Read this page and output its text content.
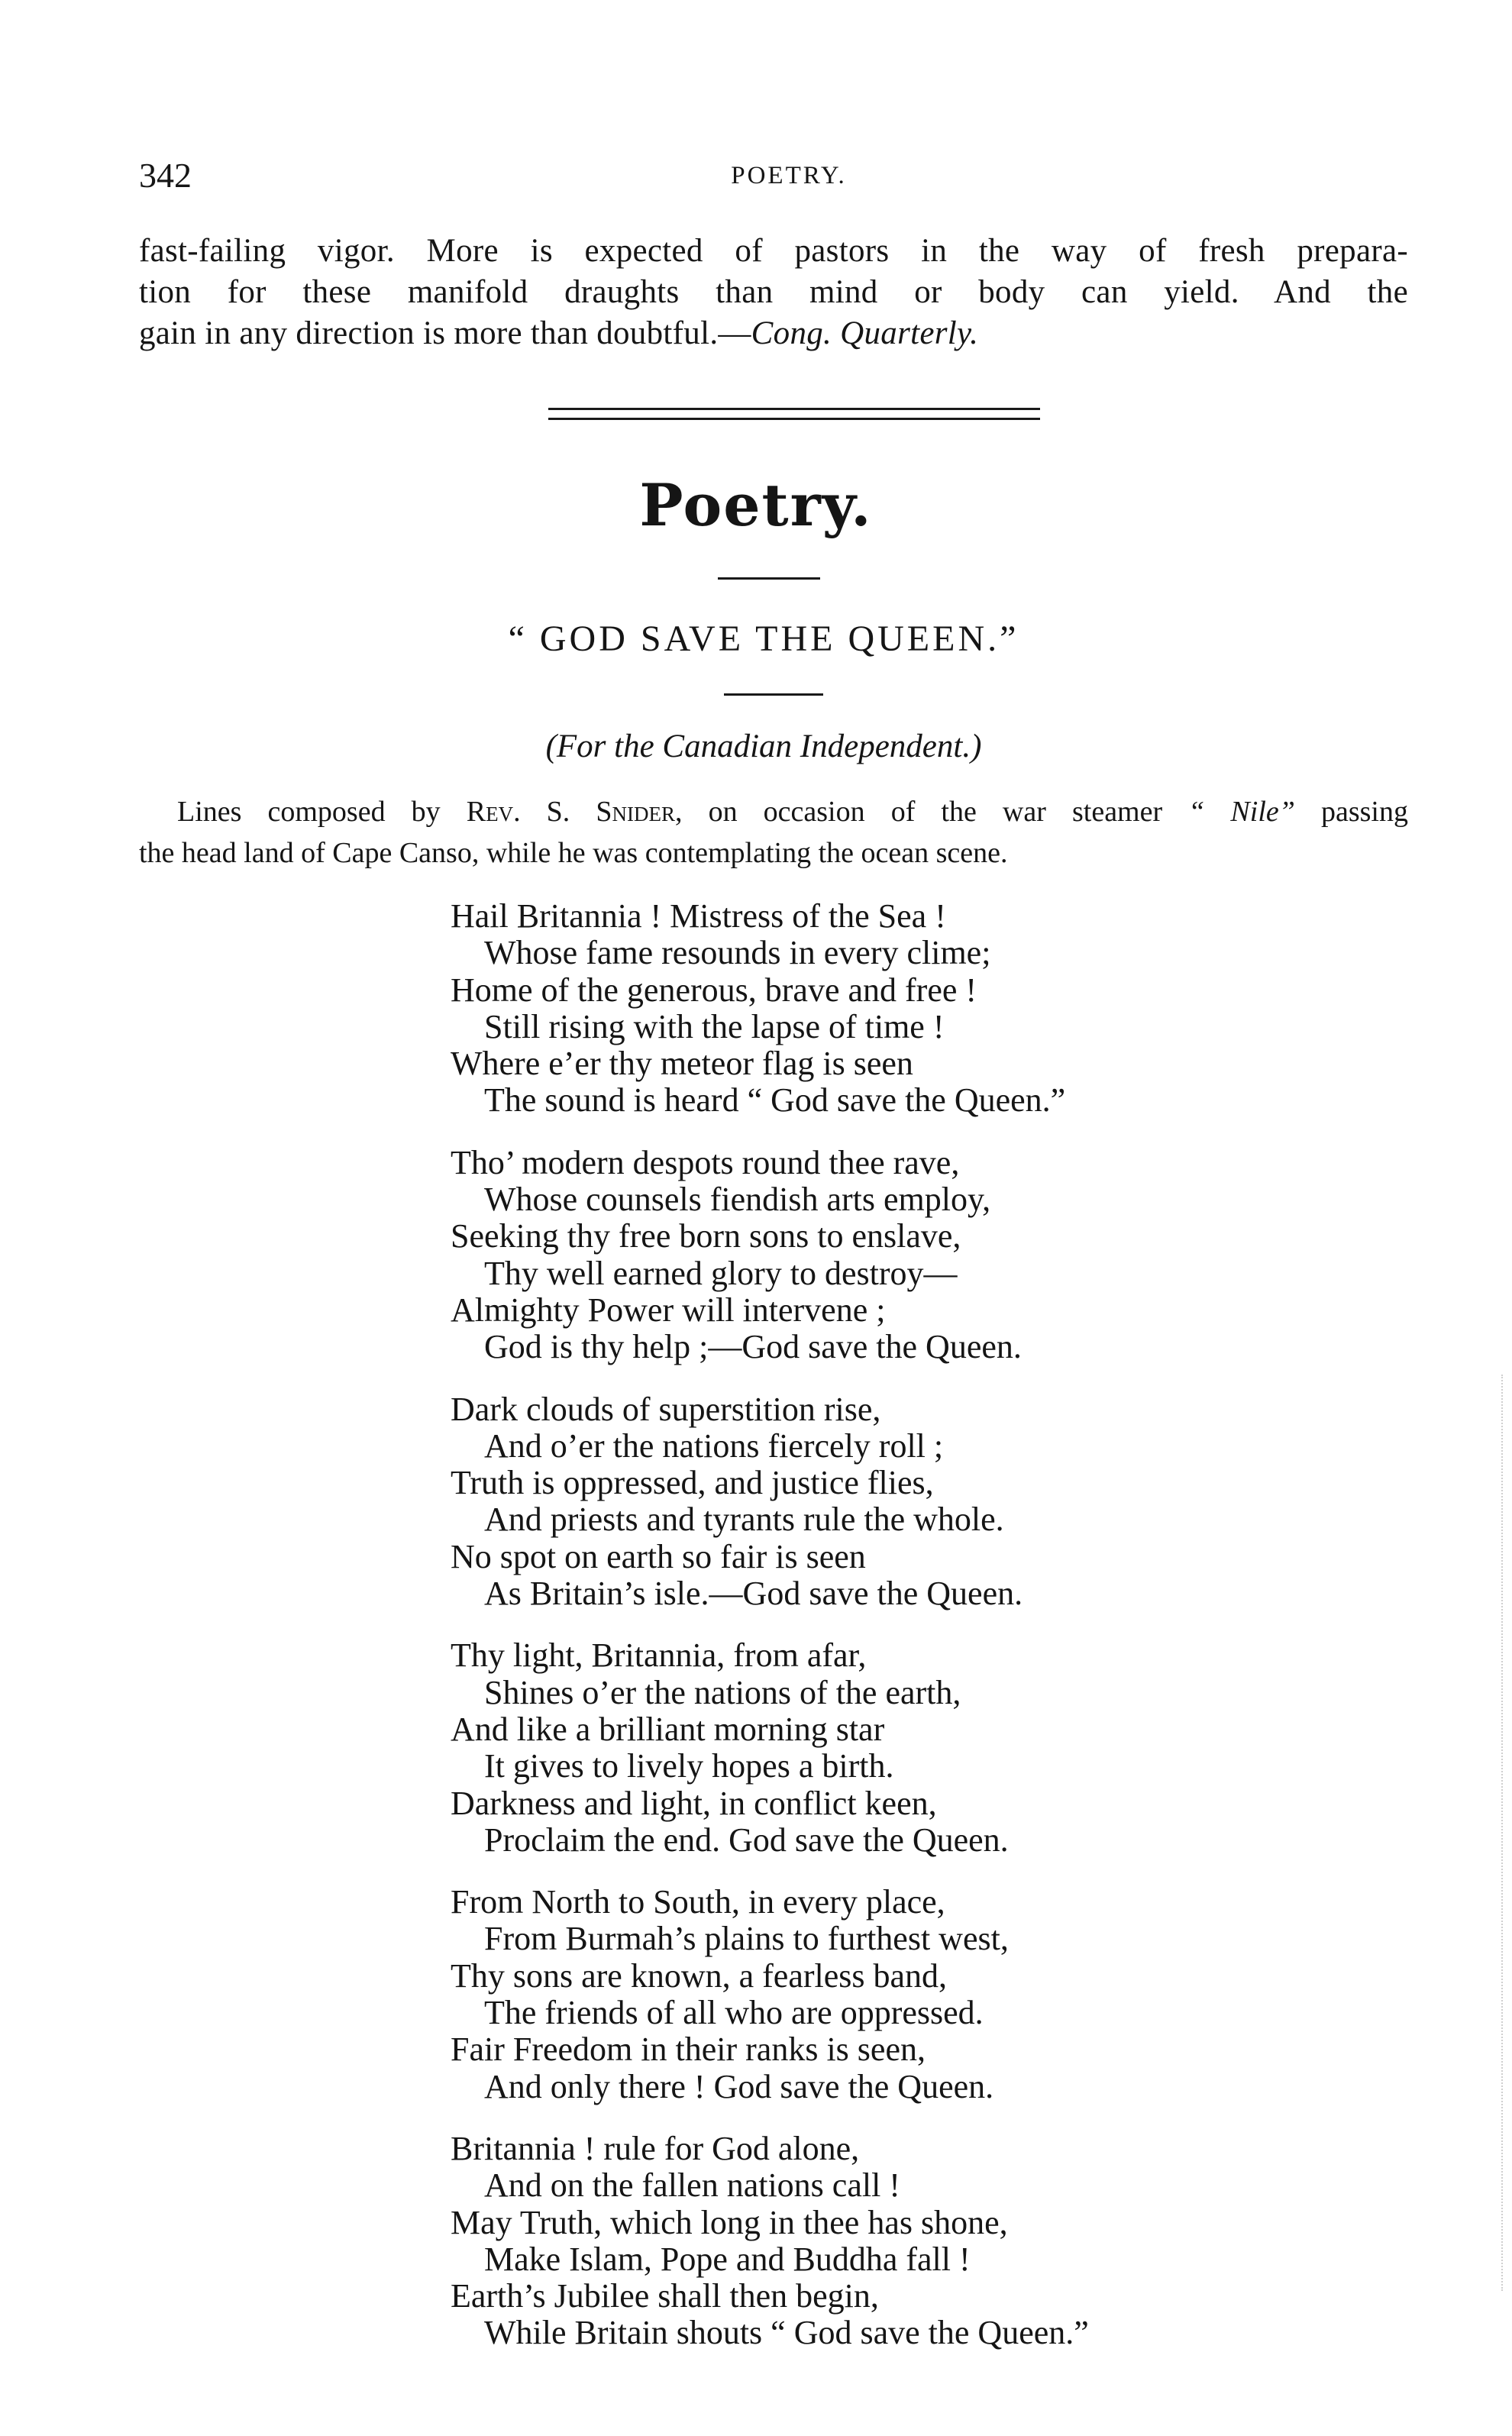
342	POETRY.
fast-failing vigor. More is expected of pastors in the way of fresh prepara-
tion for these manifold draughts than mind or body can yield. And the
gain in any direction is more than doubtful.—Cong. Quarterly.
Poetry.
“ GOD SAVE THE QUEEN.”
(For the Canadian Independent.)
Lines composed by Rev. S. Snider, on occasion of the war steamer “ Nile” passing
the head land of Cape Canso, while he was contemplating the ocean scene.
Hail Britannia ! Mistress of the Sea !
Whose fame resounds in every clime;
Home of the generous, brave and free !
Still rising with the lapse of time !
Where e’er thy meteor flag is seen
The sound is heard “ God save the Queen.”
Tho’ modern despots round thee rave,
Whose counsels fiendish arts employ,
Seeking thy free born sons to enslave,
Thy well earned glory to destroy—
Almighty Power will intervene ;
God is thy help ;—God save the Queen.
Dark clouds of superstition rise,
And o’er the nations fiercely roll ;
Truth is oppressed, and justice flies,
And priests and tyrants rule the whole.
No spot on earth so fair is seen
As Britain’s isle.—God save the Queen.
Thy light, Britannia, from afar,
Shines o’er the nations of the earth,
And like a brilliant morning star
It gives to lively hopes a birth.
Darkness and light, in conflict keen,
Proclaim the end. God save the Queen.
From North to South, in every place,
From Burmah’s plains to furthest west,
Thy sons are known, a fearless band,
The friends of all who are oppressed.
Fair Freedom in their ranks is seen,
And only there ! God save the Queen.
Britannia ! rule for God alone,
And on the fallen nations call !
May Truth, which long in thee has shone,
Make Islam, Pope and Buddha fall !
Earth’s Jubilee shall then begin,
While Britain shouts “ God save the Queen.”
